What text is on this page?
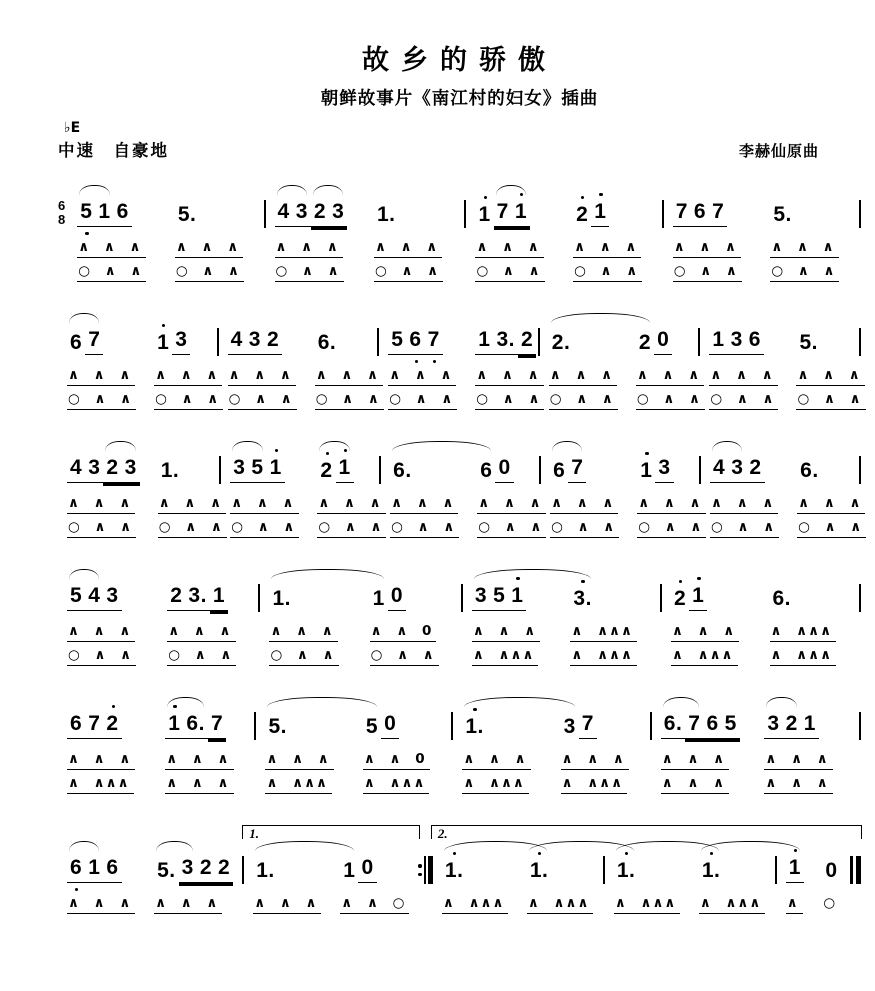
故乡的骄傲
朝鲜故事片《南江村的妇女》插曲
♭E
中速　自豪地	李赫仙原曲
6
8 5 1 6
∧ ∧ ∧
○ ∧ ∧
5.
∧ ∧ ∧
○ ∧ ∧
4 3 2 3
∧ ∧ ∧
○ ∧ ∧
1.
∧ ∧ ∧
○ ∧ ∧
1 7 1
∧ ∧ ∧
○ ∧ ∧
2 1
∧ ∧ ∧
○ ∧ ∧
7 6 7
∧ ∧ ∧
○ ∧ ∧
5.
∧ ∧ ∧
○ ∧ ∧
6 7
∧ ∧ ∧
○ ∧ ∧
1 3
∧ ∧ ∧
○ ∧ ∧
4 3 2
∧ ∧ ∧
○ ∧ ∧
6.
∧ ∧ ∧
○ ∧ ∧
5 6 7
∧ ∧ ∧
○ ∧ ∧
1 3. 2
∧ ∧ ∧
○ ∧ ∧
2.
∧ ∧ ∧
○ ∧ ∧
2 0
∧ ∧ ∧
○ ∧ ∧
1 3 6
∧ ∧ ∧
○ ∧ ∧
5.
∧ ∧ ∧
○ ∧ ∧
4 3 2 3
∧ ∧ ∧
○ ∧ ∧
1.
∧ ∧ ∧
○ ∧ ∧
3 5 1
∧ ∧ ∧
○ ∧ ∧
2 1
∧ ∧ ∧
○ ∧ ∧
6.
∧ ∧ ∧
○ ∧ ∧
6 0
∧ ∧ ∧
○ ∧ ∧
6 7
∧ ∧ ∧
○ ∧ ∧
1 3
∧ ∧ ∧
○ ∧ ∧
4 3 2
∧ ∧ ∧
○ ∧ ∧
6.
∧ ∧ ∧
○ ∧ ∧
5 4 3
∧ ∧ ∧
○ ∧ ∧
2 3. 1
∧ ∧ ∧
○ ∧ ∧
1.
∧ ∧ ∧
○ ∧ ∧
1 0
∧ ∧ 0
○ ∧ ∧
3 5 1
∧ ∧ ∧
∧ ∧∧∧
3.
∧ ∧∧∧
∧ ∧∧∧
2 1
∧ ∧ ∧
∧ ∧∧∧
6.
∧ ∧∧∧
∧ ∧∧∧
6 7 2
∧ ∧ ∧
∧ ∧∧∧
1 6. 7
∧ ∧ ∧
∧ ∧ ∧
5.
∧ ∧ ∧
∧ ∧∧∧
5 0
∧ ∧ 0
∧ ∧∧∧
1.
∧ ∧ ∧
∧ ∧∧∧
3 7
∧ ∧ ∧
∧ ∧∧∧
6. 7 6 5
∧ ∧ ∧
∧ ∧ ∧
3 2 1
∧ ∧ ∧
∧ ∧ ∧
6 1 6
∧ ∧ ∧
5. 3 2 2
∧ ∧ ∧
1.
∧ ∧ ∧
1 0
∧ ∧ ○
1.
∧ ∧∧∧
1.
∧ ∧∧∧
1.
∧ ∧∧∧
1.
∧ ∧∧∧
1
∧
0
○
1.	2.
